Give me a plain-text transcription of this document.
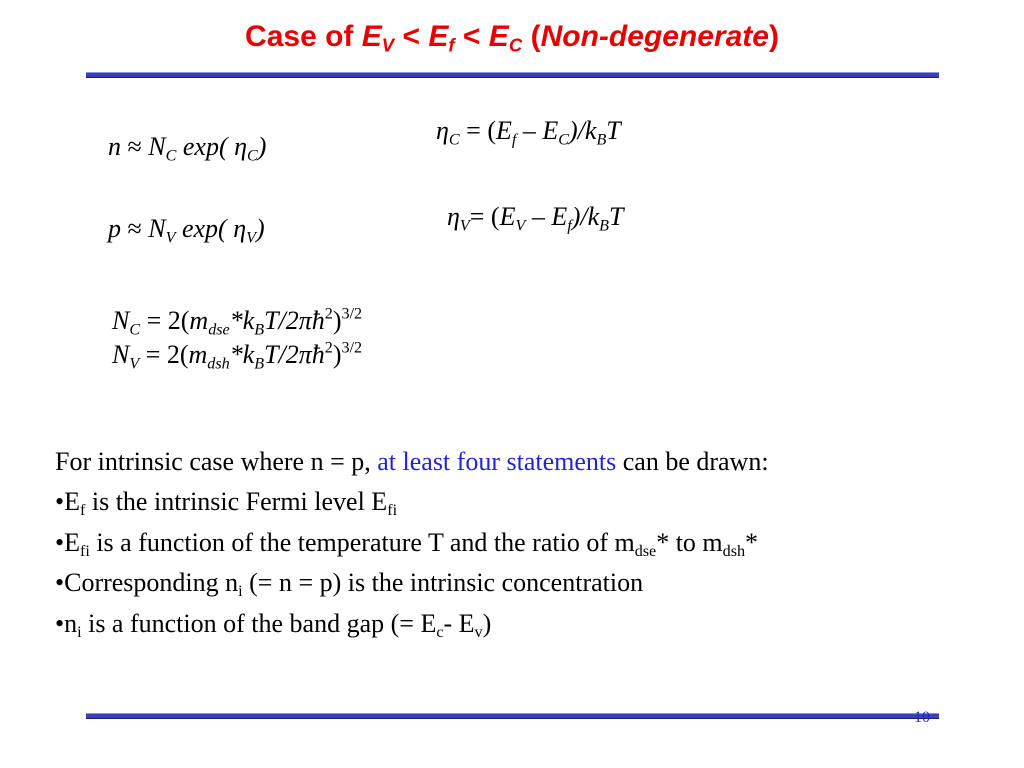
Case of $E_V < E_f < E_C$ (Non-degenerate)
$n \approx N_C$ exp( $\eta_C$)
$p \approx N_V$ exp( $\eta_V$)
$\eta_C = (E_f - E_C)/k_BT$
$\eta_V= (E_V - E_f)/k_BT$
$N_C$ = $2(m_{dse}*k_BT/2\pi ħ^2)^{3/2}$
$N_V$ = $2(m_{dsh}*k_BT/2\pi ħ^2)^{3/2}$
For intrinsic case where n = p, at least four statements can be drawn:
$•E_f$ is the intrinsic Fermi level $E_{fi}$
$•E_{fi}$ is a function of the temperature T and the ratio of $m_{dse}*$ to $m_{dsh}*$
•Corresponding $n_i$ (= n = p) is the intrinsic concentration
$•n_i$ is a function of the band gap (= $E_c-$ $E_v$)
10
